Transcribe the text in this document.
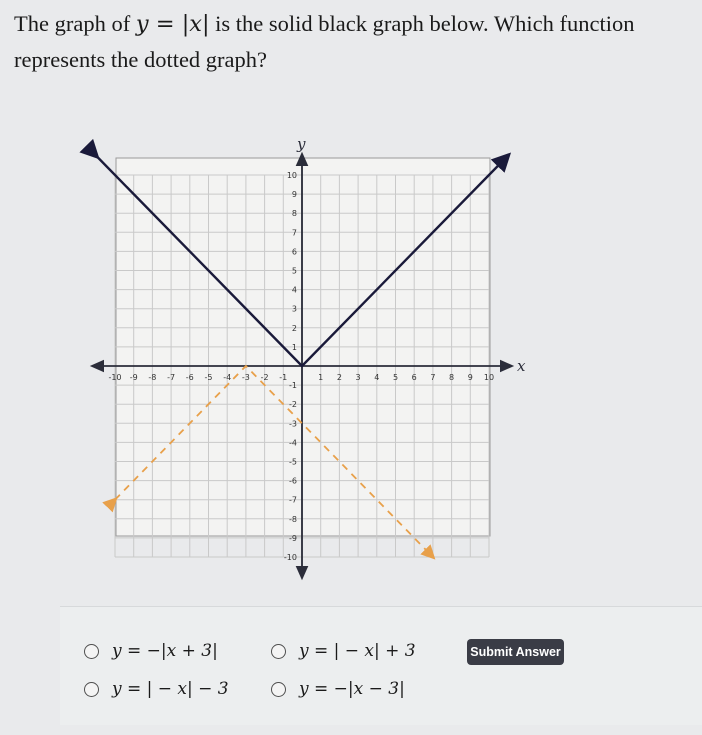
The graph of y = |x| is the solid black graph below. Which function represents the dotted graph?

-10 -9 -8 -7 -6 -5 -4 -3 -2 -1	1 2 3 4 5 6 7 8 9 10
-10
-9
-8
-7
-6
-5
-4
-3
-2
-1
1
2
3
4
5
6
7
8
9
10
x
y
y = −|x + 3|	y = | − x| + 3
y = | − x| − 3	y = −|x − 3|
Submit Answer
